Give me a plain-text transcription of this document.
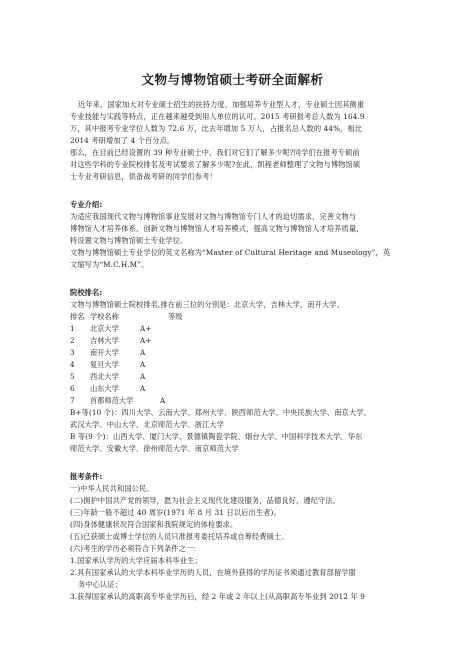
文物与博物馆硕士考研全面解析
近年来，国家加大对专业硕士招生的扶持力度，加强培养专业型人才，专业硕士因其侧重
专业技能与实践等特点，正在越来越受到用人单位的认可。2015 考研报考总人数为 164.9
万，其中报考专业学位人数为 72.6 万，比去年增加 5 万人，占报名总人数的 44%，相比
2014 考研增加了 4 个百分点。
那么，在目前已经设置的 39 种专业硕士中，我们对它们了解多少呢?同学们在报考专硕前
对这些学科的专业院校排名及考试要求了解多少呢?在此，凯程老师整理了文物与博物馆硕
士专业考研信息，供备战考研的同学们参考！
专业介绍:
为适应我国现代文物与博物馆事业发展对文物与博物馆专门人才的迫切需求，完善文物与
博物馆人才培养体系，创新文物与博物馆人才培养模式，提高文物与博物馆人才培养质量，
特设置文物与博物馆硕士专业学位。
文物与博物馆硕士专业学位的英文名称为“Master of Cultural Heritage and Museology”，英
文缩写为“M.C.H.M”。
院校排名:
文物与博物馆硕士院校排名,排在前三位的分别是：北京大学，吉林大学，南开大学。
排名 学校名称	等级
1 北京大学	A+
2 吉林大学	A+
3 南开大学	A
4 复旦大学	A
5 西北大学	A
6 山东大学	A
7 首都师范大学	A
B+等(10 个)：四川大学、云南大学、郑州大学、陕西师范大学、中央民族大学、南京大学、
武汉大学、中山大学、北京师范大学、浙江大学
B 等(9 个)：山西大学、厦门大学、景德镇陶瓷学院、烟台大学、中国科学技术大学、华东
师范大学、安徽大学、徐州师范大学、南京师范大学
报考条件:
一)中华人民共和国公民。
(二)拥护中国共产党的领导，愿为社会主义现代化建设服务，品德良好，遵纪守法。
(三)年龄一般不超过 40 周岁(1971 年 8 月 31 日以后出生者)。
(四)身体健康状况符合国家和我院规定的体检要求。
(五)已获硕士或博士学位的人员只准报考委托培养或自筹经费硕士。
(六)考生的学历必须符合下列条件之一：
1.国家承认学历的大学应届本科毕业生；
2.具有国家承认的大学本科毕业学历的人员，在境外获得的学历证书须通过教育部留学服
务中心认证；
3.获得国家承认的高职高专毕业学历后，经 2 年或 2 年以上(从高职高专毕业到 2012 年 9
